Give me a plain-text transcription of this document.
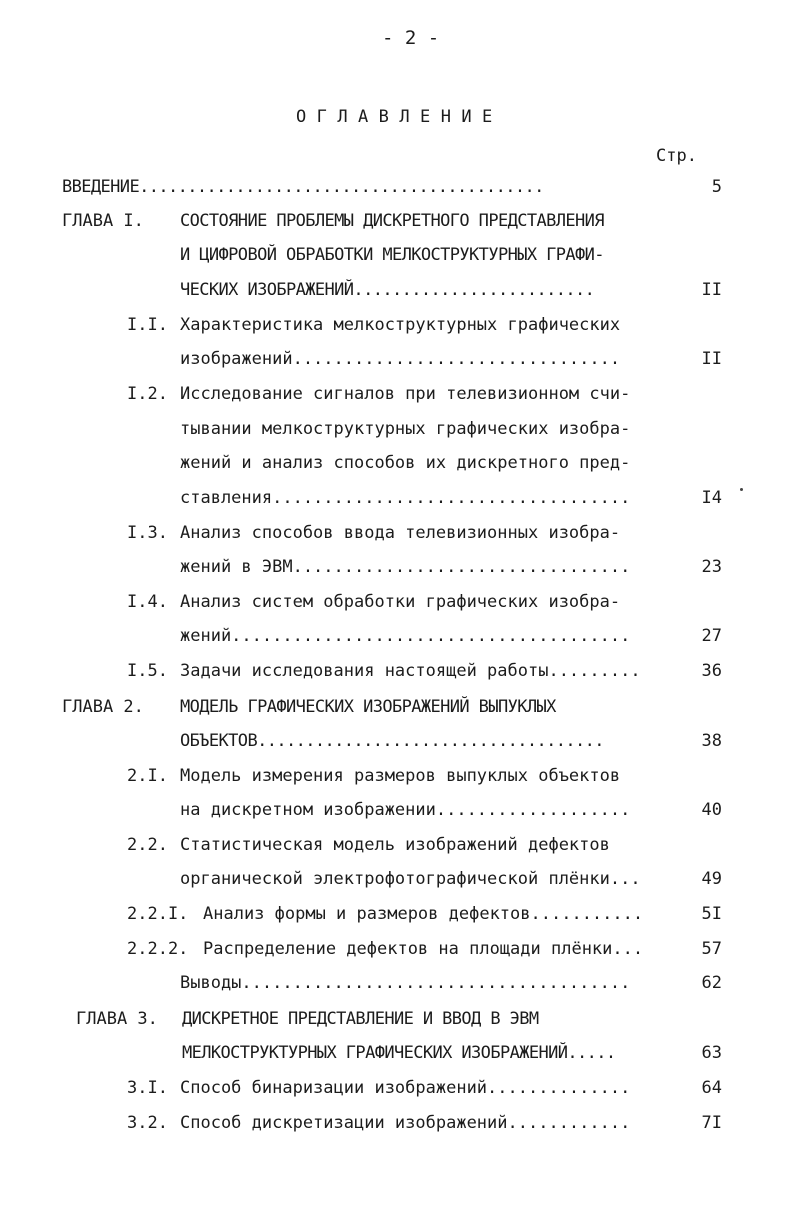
- 2 -
О Г Л А В Л Е Н И Е
Стр.
ВВЕДЕНИЕ..........................................	5
ГЛАВА I. СОСТОЯНИЕ ПРОБЛЕМЫ ДИСКРЕТНОГО ПРЕДСТАВЛЕНИЯ
И ЦИФРОВОЙ ОБРАБОТКИ МЕЛКОСТРУКТУРНЫХ ГРАФИ-
ЧЕСКИХ ИЗОБРАЖЕНИЙ.........................	II
I.I. Характеристика мелкоструктурных графических
изображений................................	II
I.2. Исследование сигналов при телевизионном счи-
тывании мелкоструктурных графических изобра-
жений и анализ способов их дискретного пред-
ставления...................................	I4
I.3. Анализ способов ввода телевизионных изобра-
жений в ЭВМ.................................	23
I.4. Анализ систем обработки графических изобра-
жений.......................................	27
I.5. Задачи исследования настоящей работы.........	36
ГЛАВА 2. МОДЕЛЬ ГРАФИЧЕСКИХ ИЗОБРАЖЕНИЙ ВЫПУКЛЫХ
ОБЪЕКТОВ....................................	38
2.I. Модель измерения размеров выпуклых объектов
на дискретном изображении...................	40
2.2. Статистическая модель изображений дефектов
органической электрофотографической плёнки...	49
2.2.I. Анализ формы и размеров дефектов...........	5I
2.2.2. Распределение дефектов на площади плёнки...	57
Выводы......................................	62
ГЛАВА 3. ДИСКРЕТНОЕ ПРЕДСТАВЛЕНИЕ И ВВОД В ЭВМ
МЕЛКОСТРУКТУРНЫХ ГРАФИЧЕСКИХ ИЗОБРАЖЕНИЙ.....	63
3.I. Способ бинаризации изображений..............	64
3.2. Способ дискретизации изображений............	7I
